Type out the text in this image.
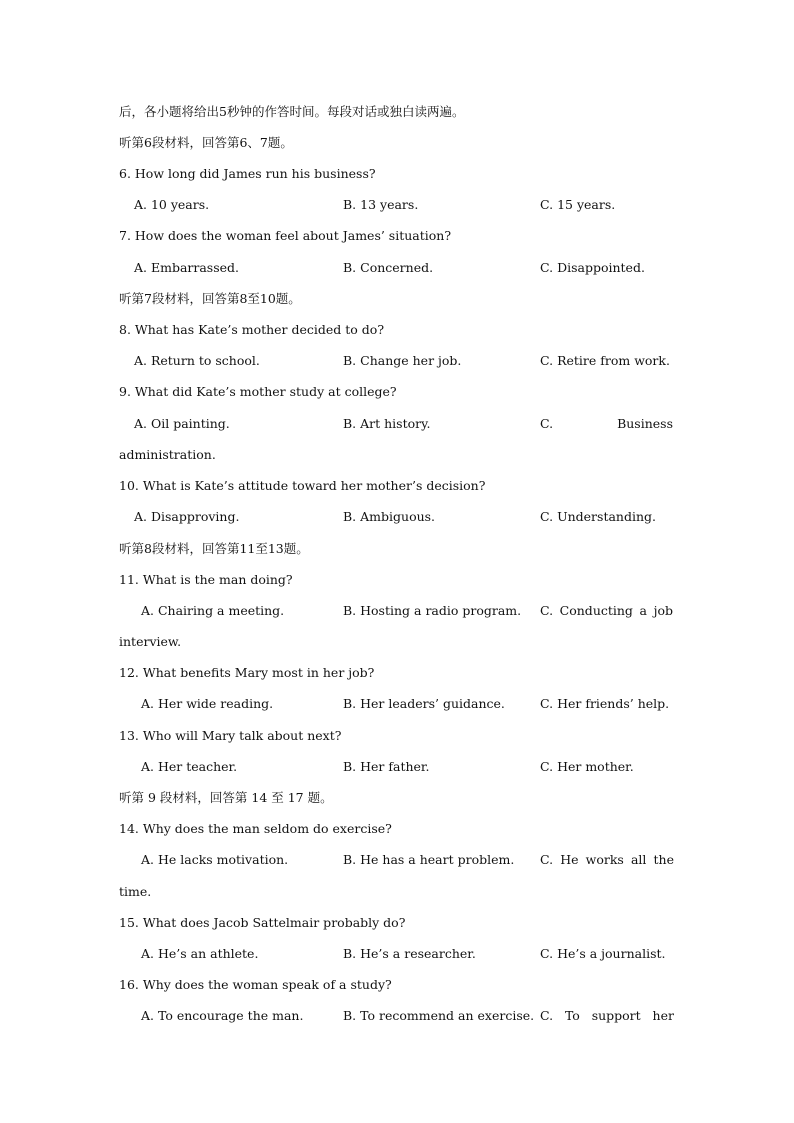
后，各小题将给出5秒钟的作答时间。每段对话或独白读两遍。
听第6段材料，回答第6、7题。
6. How long did James run his business?
A. 10 years.	B. 13 years.	C. 15 years.
7. How does the woman feel about James’ situation?
A. Embarrassed.	B. Concerned.	C. Disappointed.
听第7段材料，回答第8至10题。
8. What has Kate’s mother decided to do?
A. Return to school.	B. Change her job.	C. Retire from work.
9. What did Kate’s mother study at college?
A. Oil painting.	B. Art history.	C.	Business
administration.
10. What is Kate’s attitude toward her mother’s decision?
A. Disapproving.	B. Ambiguous.	C. Understanding.
听第8段材料，回答第11至13题。
11. What is the man doing?
A. Chairing a meeting.	B. Hosting a radio program. C. Conducting a job
interview.
12. What benefits Mary most in her job?
A. Her wide reading.	B. Her leaders’ guidance.	C. Her friends’ help.
13. Who will Mary talk about next?
A. Her teacher.	B. Her father.	C. Her mother.
听第 9 段材料，回答第 14 至 17 题。
14. Why does the man seldom do exercise?
A. He lacks motivation.	B. He has a heart problem. C. He works all the
time.
15. What does Jacob Sattelmair probably do?
A. He’s an athlete.	B. He’s a researcher.	C. He’s a journalist.
16. Why does the woman speak of a study?
A. To encourage the man.	B. To recommend an exercise. C. To support her
